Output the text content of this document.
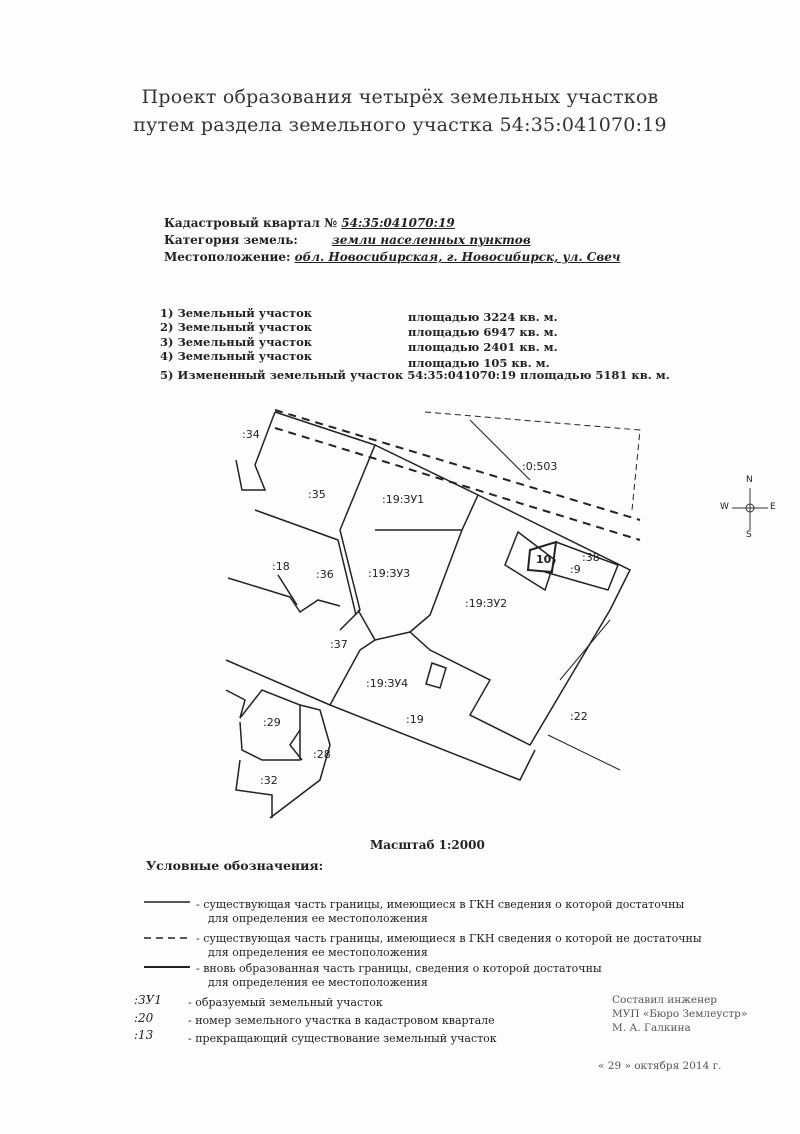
Проект образования четырёх земельных участков
путем раздела земельного участка 54:35:041070:19
Кадастровый квартал № 54:35:041070:19
Категория земель:	земли населенных пунктов
Местоположение: обл. Новосибирская, г. Новосибирск, ул. Свеч
1) Земельный участок	площадью 3224 кв. м.
2) Земельный участок	площадью 6947 кв. м.
3) Земельный участок	площадью 2401 кв. м.
4) Земельный участок	площадью 105 кв. м.
5) Измененный земельный участок 54:35:041070:19 площадью 5181 кв. м.
:34
:35	:19:ЗУ1
:0:503
:18
:36	:19:ЗУ3
:19:ЗУ2
10	:38
:9
:37
:19:ЗУ4
:19
:29
:28
:22
:32
N
S
W	E
Масштаб 1:2000
Условные обозначения:
- существующая часть границы, имеющиеся в ГКН сведения о которой достаточны
для определения ее местоположения
- существующая часть границы, имеющиеся в ГКН сведения о которой не достаточны
для определения ее местоположения
- вновь образованная часть границы, сведения о которой достаточны
для определения ее местоположения
:ЗУ1 - образуемый земельный участок
:20	- номер земельного участка в кадастровом квартале
:13	- прекращающий существование земельный участок
Составил инженер
МУП «Бюро Землеустр»
М. А. Галкина
« 29 » октября 2014 г.
